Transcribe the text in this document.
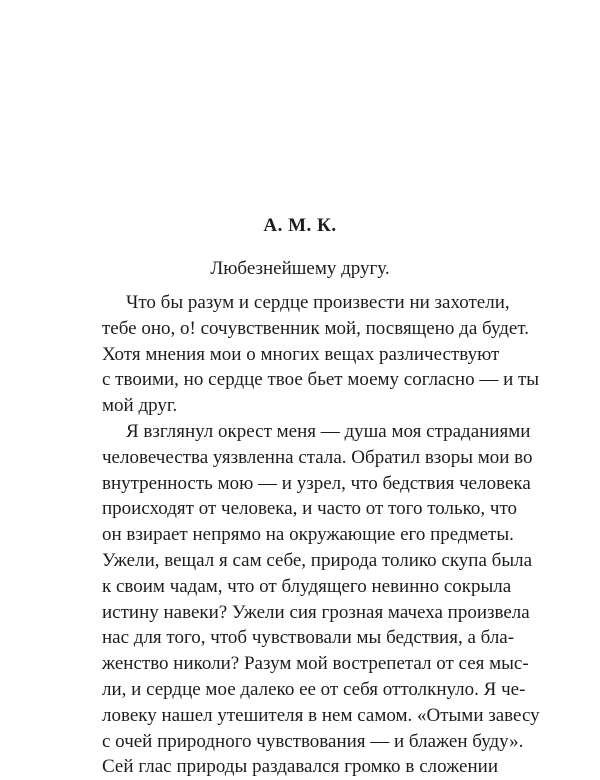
А. М. К.
Любезнейшему другу.
Что бы разум и сердце произвести ни захотели,
тебе оно, о! сочувственник мой, посвящено да будет.
Хотя мнения мои о многих вещах различествуют
с твоими, но сердце твое бьет моему согласно — и ты
мой друг.
Я взглянул окрест меня — душа моя страданиями
человечества уязвленна стала. Обратил взоры мои во
внутренность мою — и узрел, что бедствия человека
происходят от человека, и часто от того только, что
он взирает непрямо на окружающие его предметы.
Ужели, вещал я сам себе, природа толико скупа была
к своим чадам, что от блудящего невинно сокрыла
истину навеки? Ужели сия грозная мачеха произвела
нас для того, чтоб чувствовали мы бедствия, а бла-
женство николи? Разум мой вострепетал от сея мыс-
ли, и сердце мое далеко ее от себя оттолкнуло. Я че-
ловеку нашел утешителя в нем самом. «Отыми завесу
с очей природного чувствования — и блажен буду».
Сей глас природы раздавался громко в сложении
